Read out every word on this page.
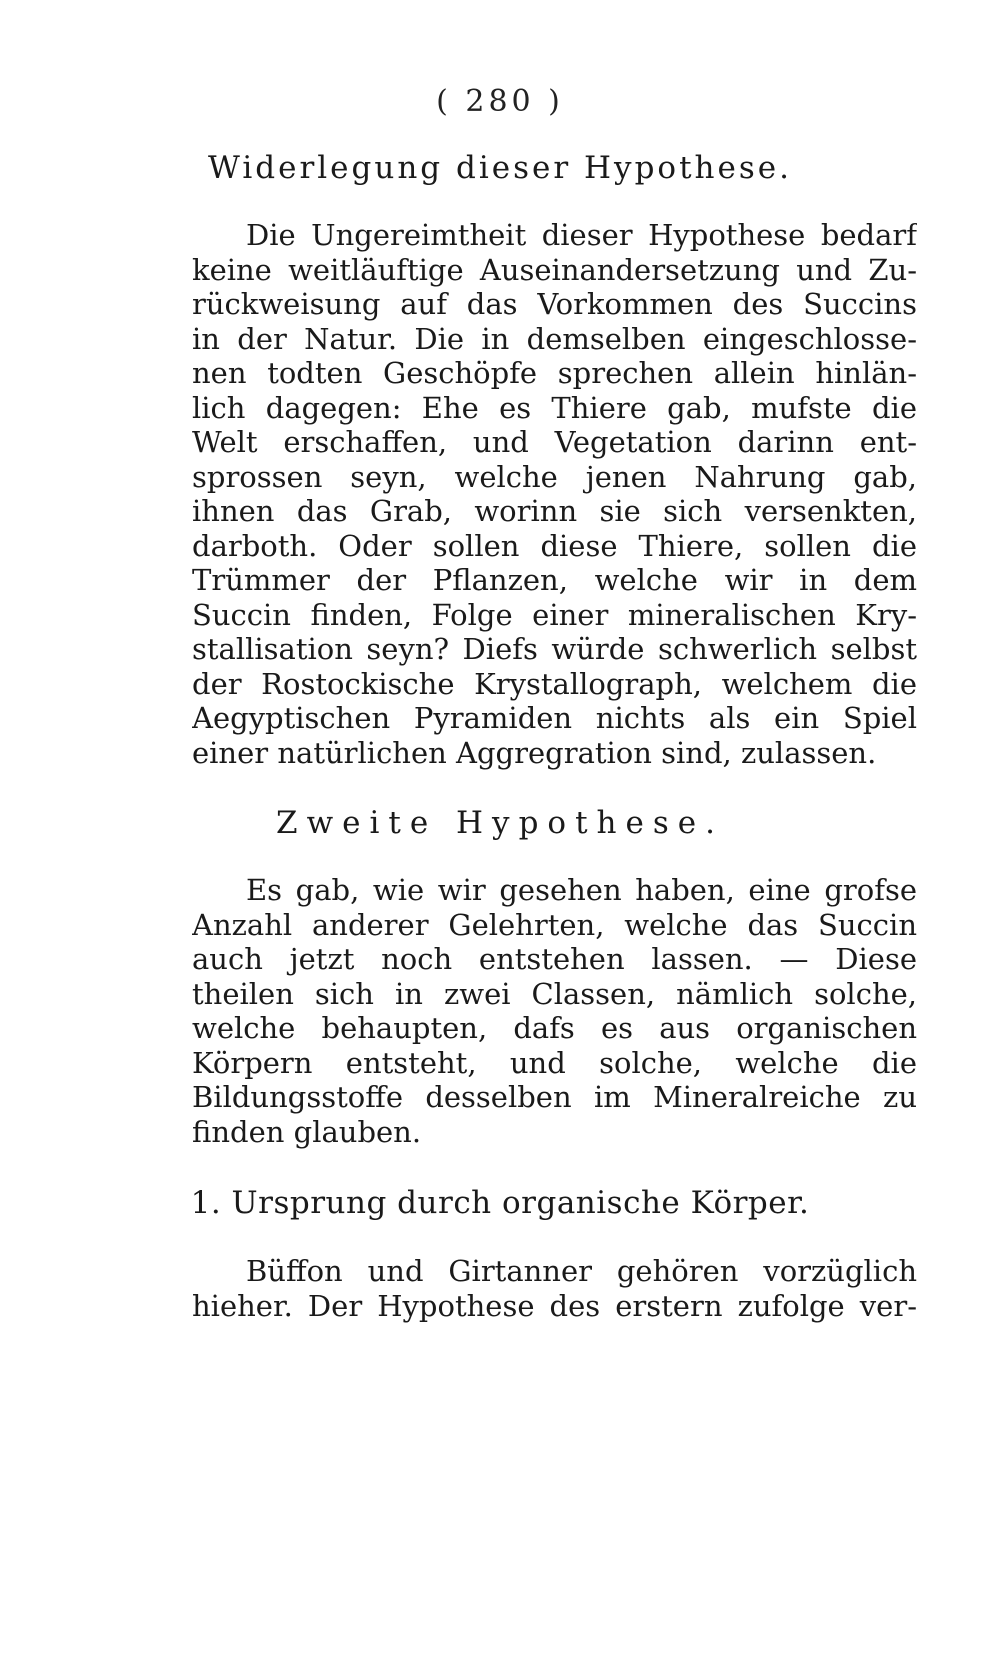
( 280 )
Widerlegung dieser Hypothese.
Die Ungereimtheit dieser Hypothese bedarf
keine weitläuftige Auseinandersetzung und Zu-
rückweisung auf das Vorkommen des Succins
in der Natur. Die in demselben eingeschlosse-
nen todten Geschöpfe sprechen allein hinlän-
lich dagegen: Ehe es Thiere gab, mufste die
Welt erschaffen, und Vegetation darinn ent-
sprossen seyn, welche jenen Nahrung gab,
ihnen das Grab, worinn sie sich versenkten,
darboth. Oder sollen diese Thiere, sollen die
Trümmer der Pflanzen, welche wir in dem
Succin finden, Folge einer mineralischen Kry-
stallisation seyn? Diefs würde schwerlich selbst
der Rostockische Krystallograph, welchem die
Aegyptischen Pyramiden nichts als ein Spiel
einer natürlichen Aggregration sind, zulassen.
Zweite Hypothese.
Es gab, wie wir gesehen haben, eine grofse
Anzahl anderer Gelehrten, welche das Succin
auch jetzt noch entstehen lassen. — Diese
theilen sich in zwei Classen, nämlich solche,
welche behaupten, dafs es aus organischen
Körpern entsteht, und solche, welche die
Bildungsstoffe desselben im Mineralreiche zu
finden glauben.
1. Ursprung durch organische Körper.
Büffon und Girtanner gehören vorzüglich
hieher. Der Hypothese des erstern zufolge ver-
